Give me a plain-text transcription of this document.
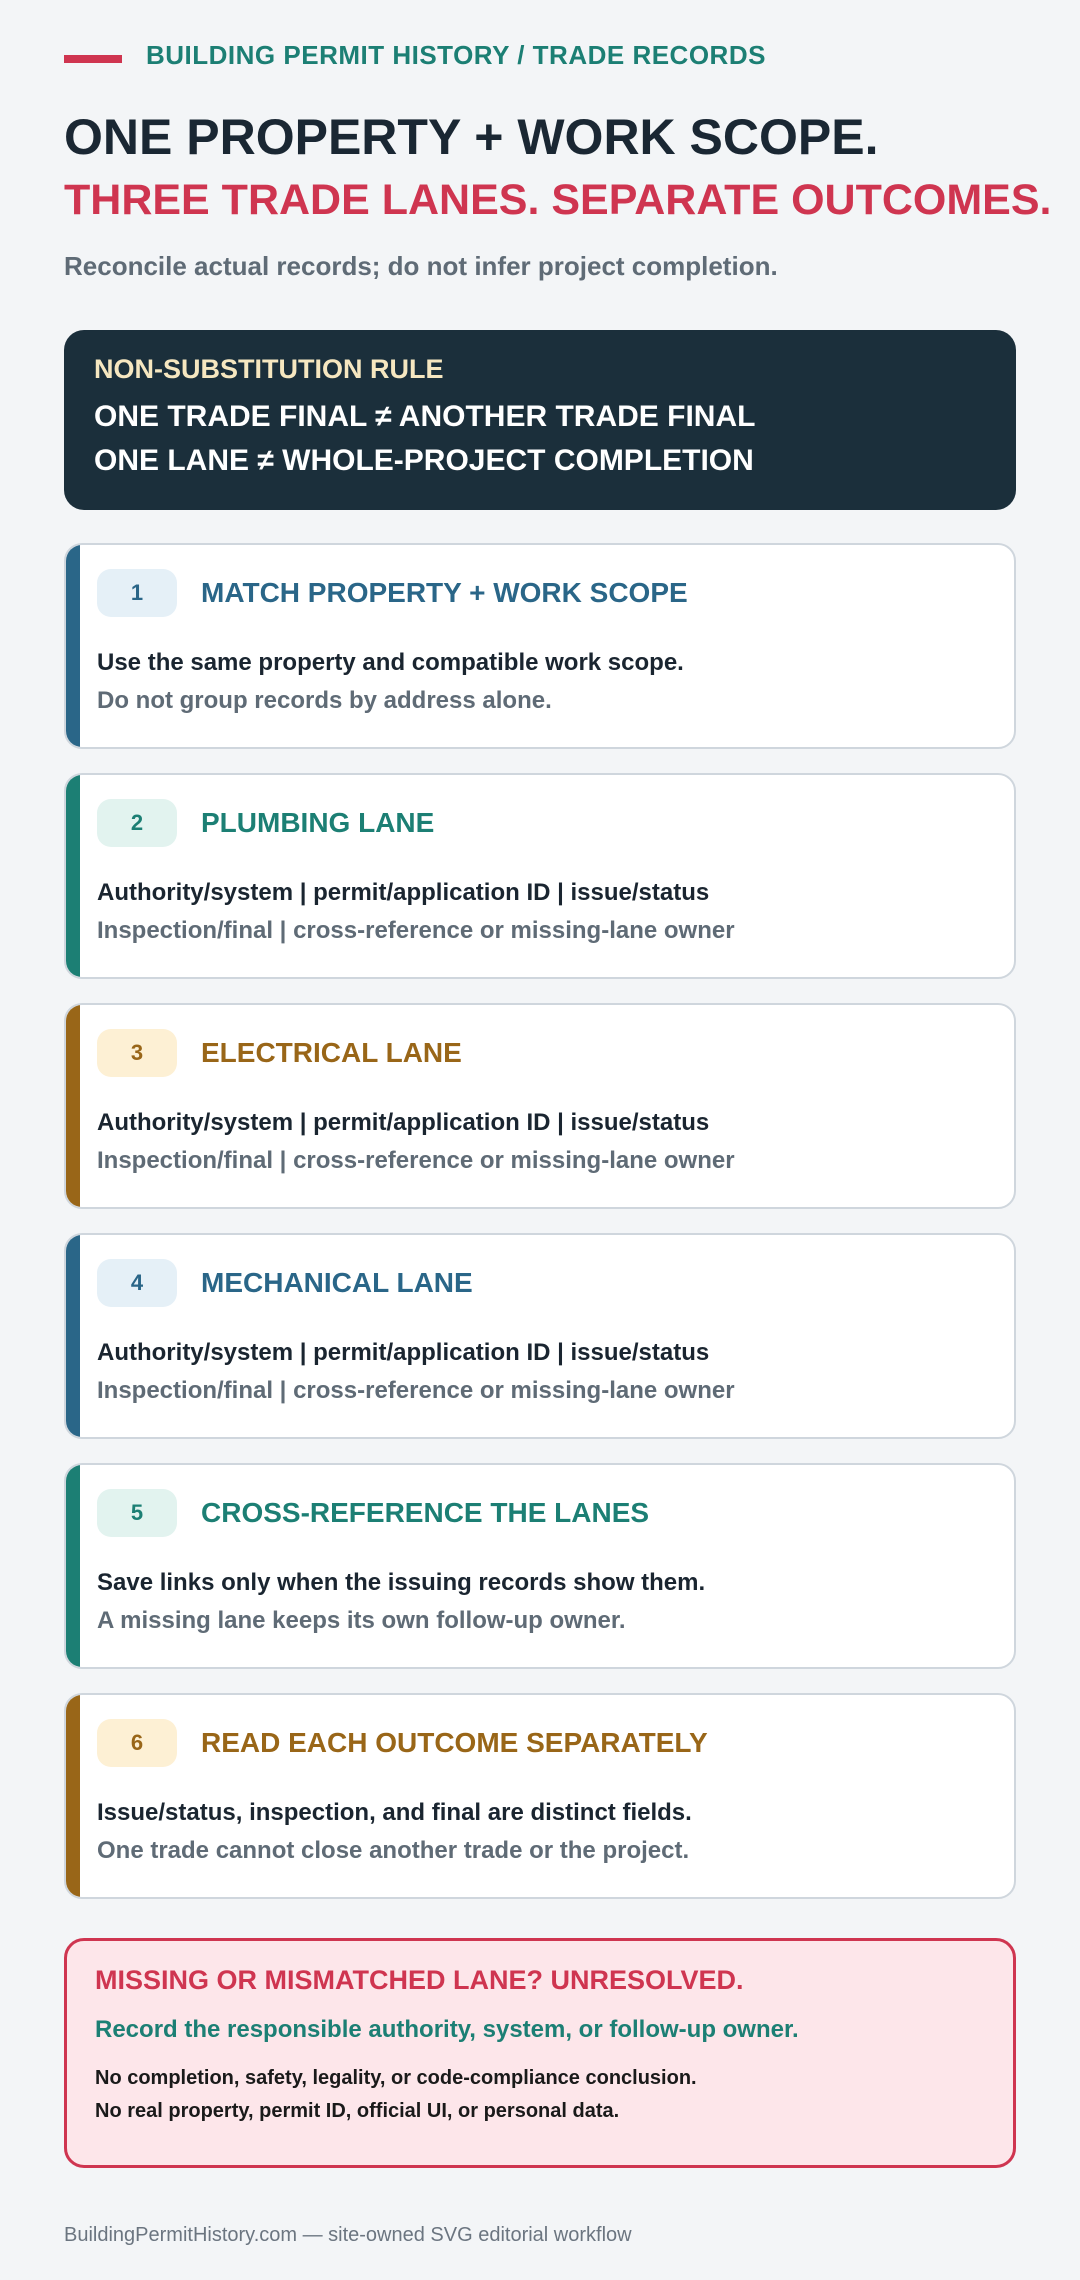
BUILDING PERMIT HISTORY / TRADE RECORDS
ONE PROPERTY + WORK SCOPE.
THREE TRADE LANES. SEPARATE OUTCOMES.
Reconcile actual records; do not infer project completion.
NON-SUBSTITUTION RULE
ONE TRADE FINAL ≠ ANOTHER TRADE FINAL
ONE LANE ≠ WHOLE-PROJECT COMPLETION
1	MATCH PROPERTY + WORK SCOPE
Use the same property and compatible work scope.
Do not group records by address alone.
2	PLUMBING LANE
Authority/system | permit/application ID | issue/status
Inspection/final | cross-reference or missing-lane owner
3	ELECTRICAL LANE
Authority/system | permit/application ID | issue/status
Inspection/final | cross-reference or missing-lane owner
4	MECHANICAL LANE
Authority/system | permit/application ID | issue/status
Inspection/final | cross-reference or missing-lane owner
5	CROSS-REFERENCE THE LANES
Save links only when the issuing records show them.
A missing lane keeps its own follow-up owner.
6	READ EACH OUTCOME SEPARATELY
Issue/status, inspection, and final are distinct fields.
One trade cannot close another trade or the project.
MISSING OR MISMATCHED LANE? UNRESOLVED.
Record the responsible authority, system, or follow-up owner.
No completion, safety, legality, or code-compliance conclusion.
No real property, permit ID, official UI, or personal data.
BuildingPermitHistory.com — site-owned SVG editorial workflow
